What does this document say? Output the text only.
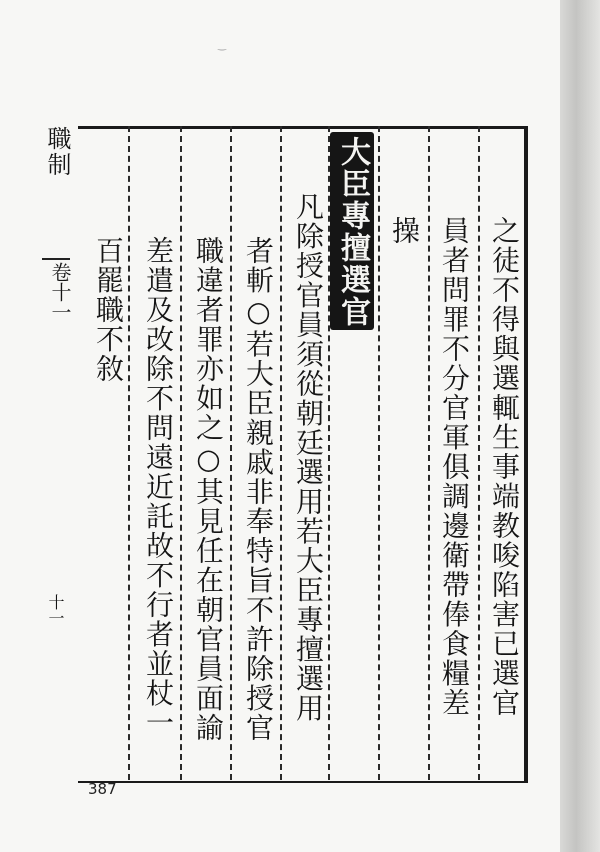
‿
職制
卷十一
十一	之徒不得與選輒生事端教唆陷害已選官
員者問罪不分官軍俱調邊衛帶俸食糧差
操
大臣專擅選官
凡除授官員須從朝廷選用若大臣專擅選用
者斬○若大臣親戚非奉特旨不許除授官
職違者罪亦如之○其見任在朝官員面諭
差遣及改除不問遠近託故不行者並杖一
百罷職不敘
387
